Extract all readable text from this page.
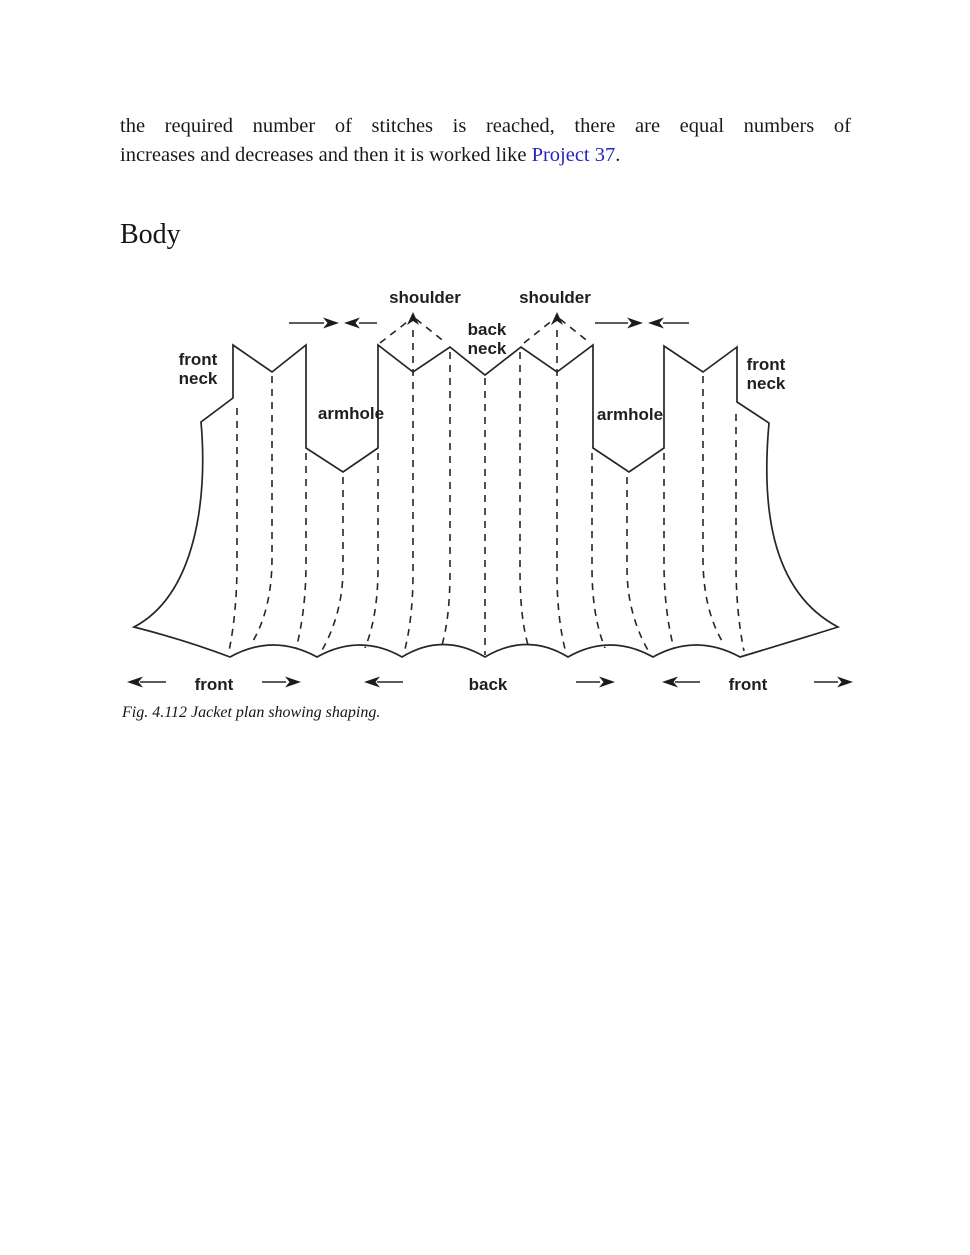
the required number of stitches is reached, there are equal numbers of
increases and decreases and then it is worked like Project 37.
Body
shoulder	shoulder
back
neck
front
neck
front
neck
armhole	armhole
front	back	front
Fig. 4.112 Jacket plan showing shaping.
